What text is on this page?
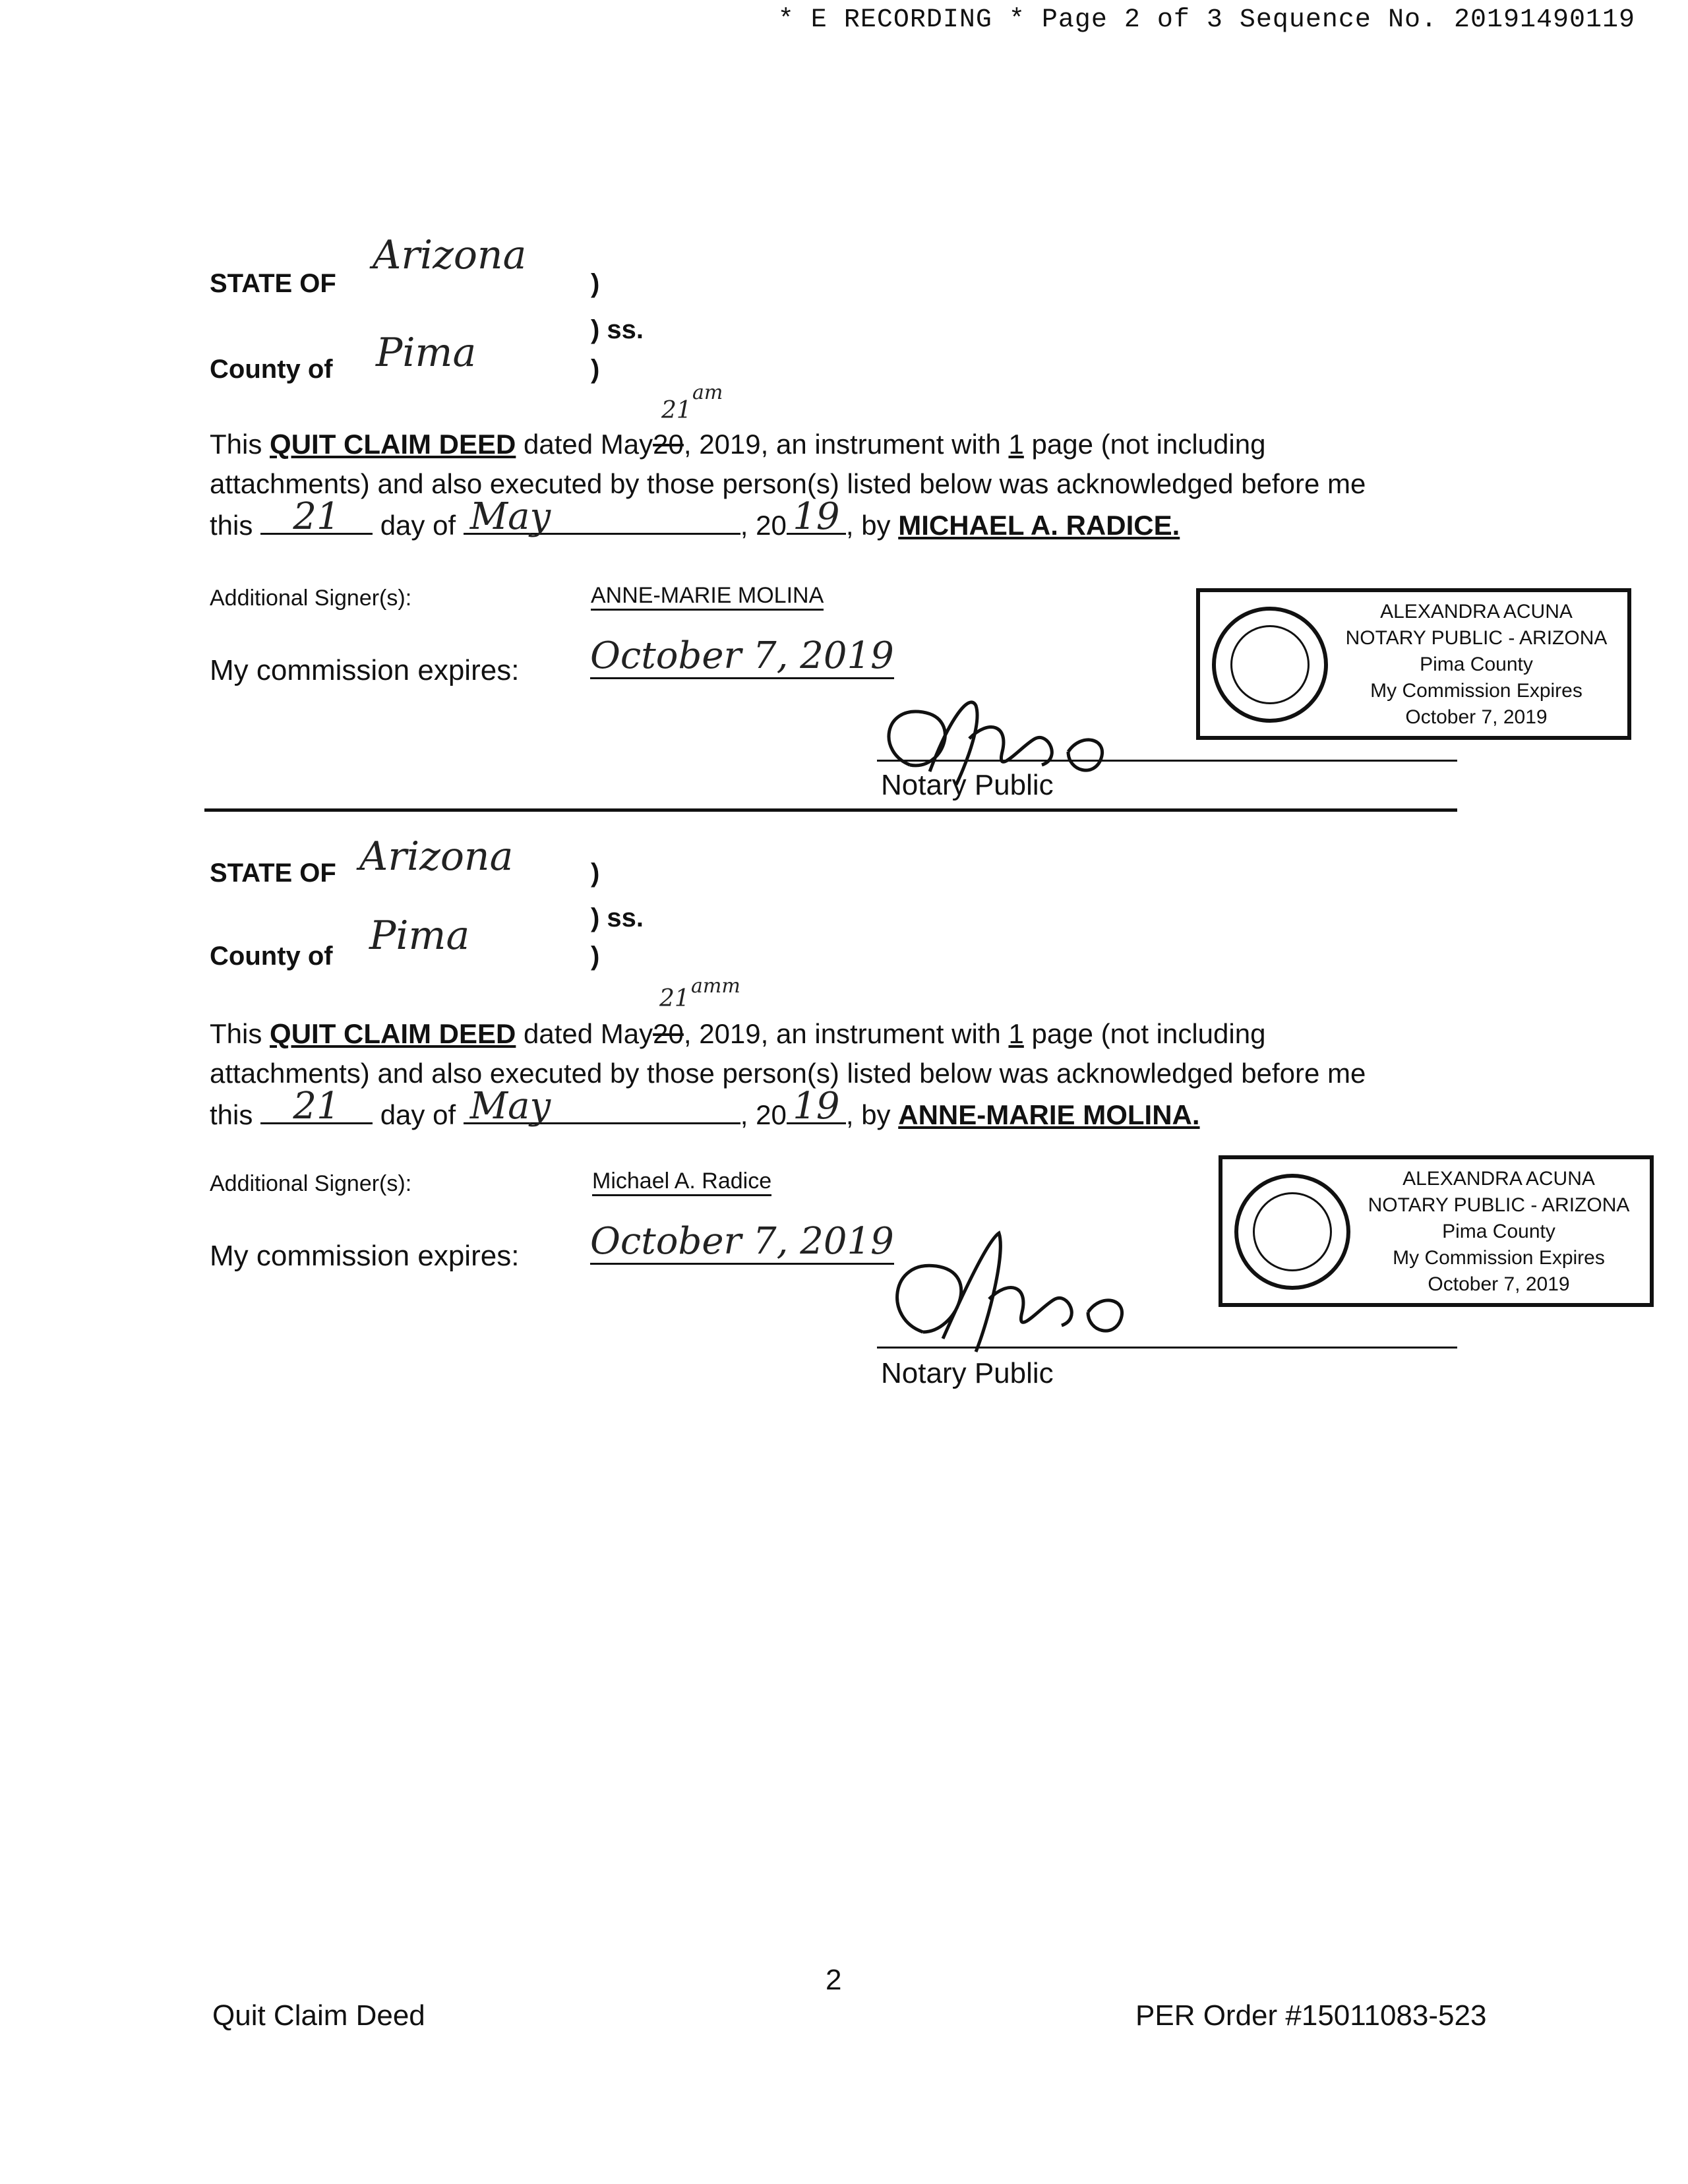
* E RECORDING * Page 2 of 3 Sequence No. 20191490119
STATE OF
Arizona
)
) ss.
County of Pima	)
21
am
This QUIT CLAIM DEED dated May20, 2019, an instrument with 1 page (not including
attachments) and also executed by those person(s) listed below was acknowledged before me
this	21	day of May	, 20 19 , by MICHAEL A. RADICE.
Additional Signer(s):	ANNE-MARIE MOLINA
My commission expires: October 7, 2019
Notary Public
ALEXANDRA ACUNA
NOTARY PUBLIC - ARIZONA
Pima County
My Commission Expires
October 7, 2019
STATE OF Arizona	)
) ss.
County of Pima	)
21 amm
This QUIT CLAIM DEED dated May20, 2019, an instrument with 1 page (not including
attachments) and also executed by those person(s) listed below was acknowledged before me
this	21	day of May	, 20 19 , by ANNE-MARIE MOLINA.
Additional Signer(s):	Michael A. Radice
My commission expires: October 7, 2019
Notary Public
ALEXANDRA ACUNA
NOTARY PUBLIC - ARIZONA
Pima County
My Commission Expires
October 7, 2019
2
Quit Claim Deed	PER Order #15011083-523
